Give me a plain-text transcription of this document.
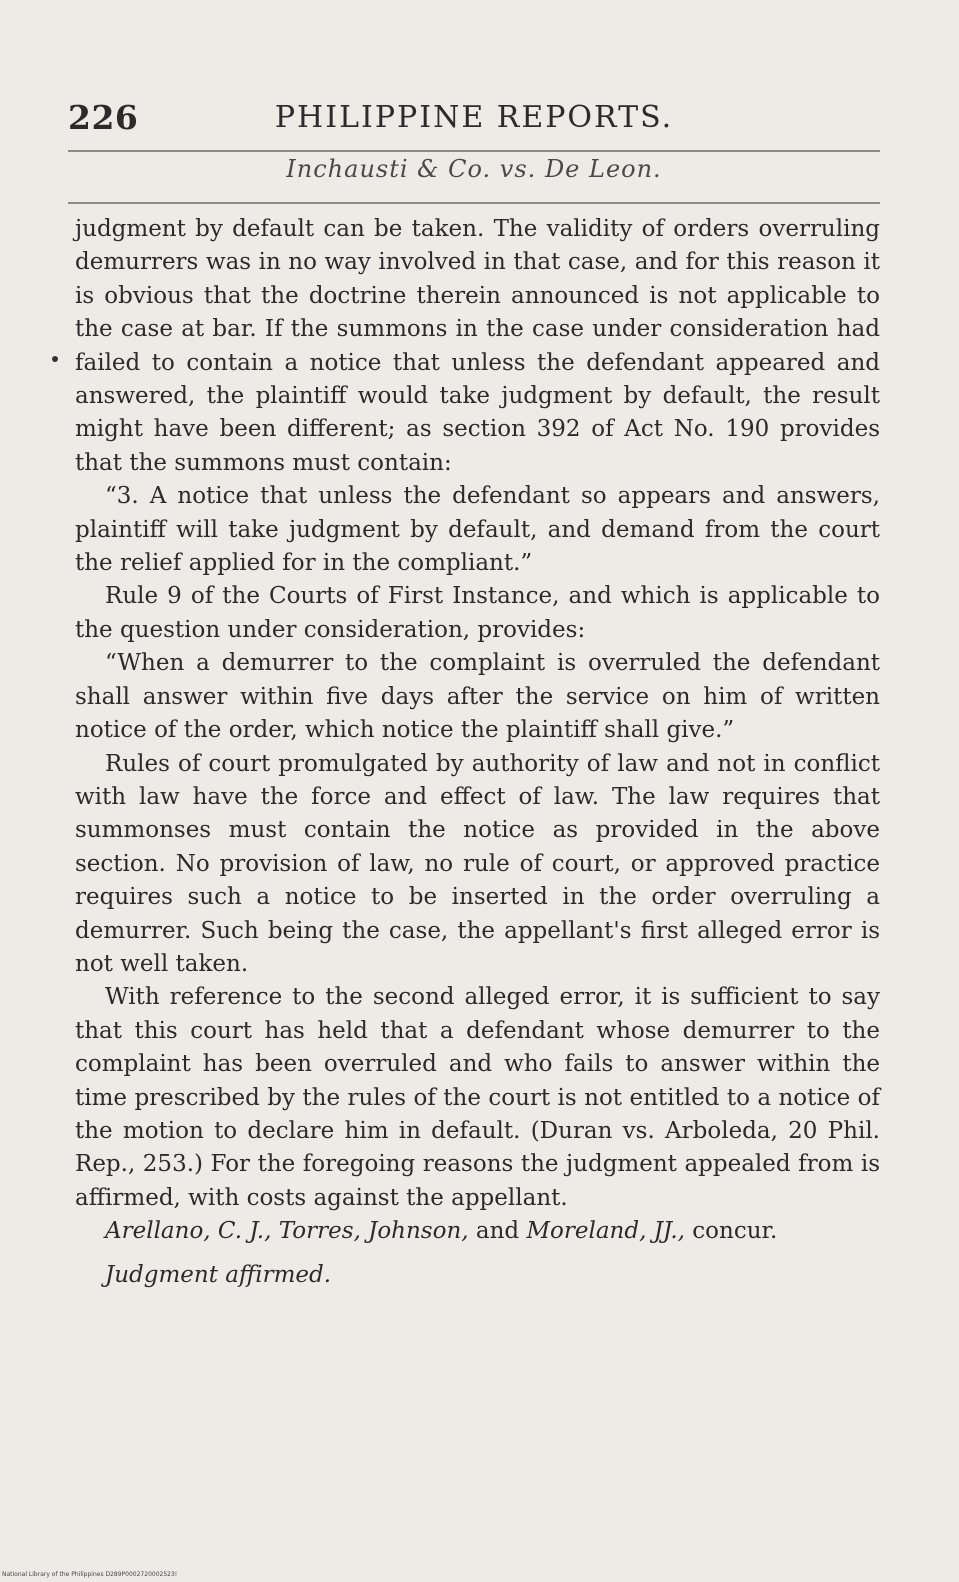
226	PHILIPPINE REPORTS.
Inchausti & Co. vs. De Leon.

judgment by default can be taken. The validity of orders overruling demurrers was in no way involved in that case, and for this reason it is obvious that the doctrine therein announced is not applicable to the case at bar. If the summons in the case under consideration had failed to contain a notice that unless the defendant appeared and answered, the plaintiff would take judgment by default, the result might have been different; as section 392 of Act No. 190 provides that the summons must contain:

“3. A notice that unless the defendant so appears and answers, plaintiff will take judgment by default, and demand from the court the relief applied for in the compliant.”

Rule 9 of the Courts of First Instance, and which is applicable to the question under consideration, provides:

“When a demurrer to the complaint is overruled the defendant shall answer within five days after the service on him of written notice of the order, which notice the plaintiff shall give.”

Rules of court promulgated by authority of law and not in conflict with law have the force and effect of law. The law requires that summonses must contain the notice as provided in the above section. No provision of law, no rule of court, or approved practice requires such a notice to be inserted in the order overruling a demurrer. Such being the case, the appellant's first alleged error is not well taken.

With reference to the second alleged error, it is sufficient to say that this court has held that a defendant whose demurrer to the complaint has been overruled and who fails to answer within the time prescribed by the rules of the court is not entitled to a notice of the motion to declare him in default. (Duran vs. Arboleda, 20 Phil. Rep., 253.) For the foregoing reasons the judgment appealed from is affirmed, with costs against the appellant.

Arellano, C. J., Torres, Johnson, and Moreland, JJ., concur.

Judgment affirmed.

National Library of the Philippines D289P0002720002523!
